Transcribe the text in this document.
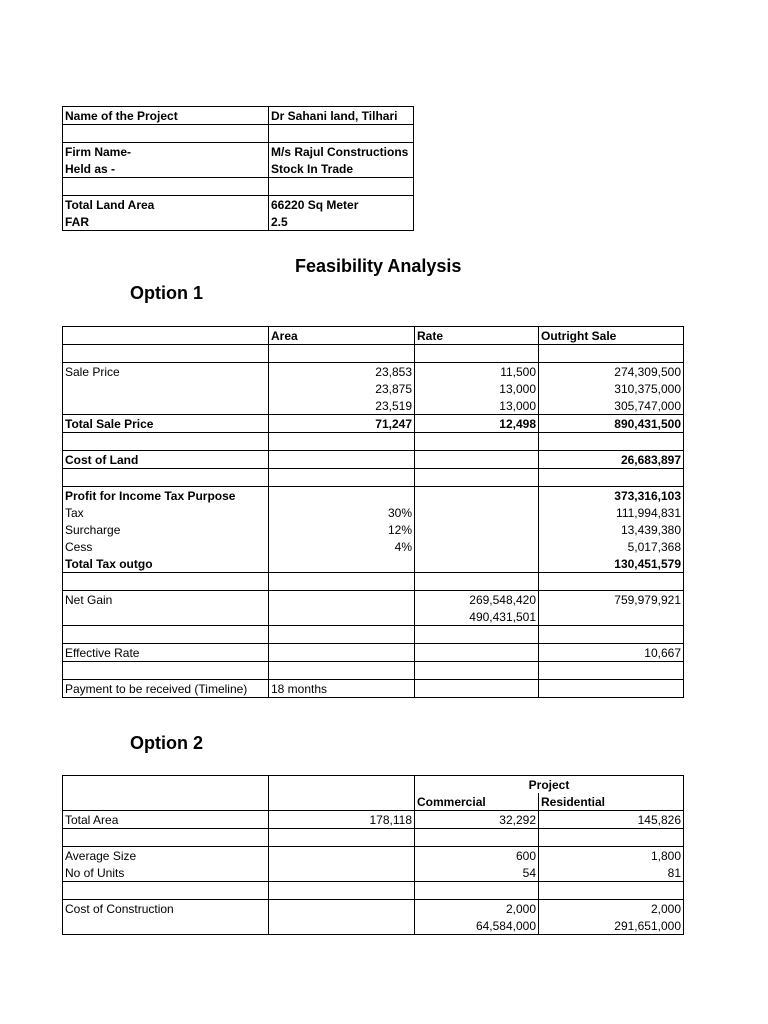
Name of the Project	Dr Sahani land, Tilhari

Firm Name-	M/s Rajul Constructions
Held as -	Stock In Trade

Total Land Area	66220 Sq Meter
FAR	2.5
Feasibility Analysis
Option 1
	Area	Rate	Outright Sale

Sale Price	23,853	11,500	274,309,500
	23,875	13,000	310,375,000
	23,519	13,000	305,747,000
Total Sale Price	71,247	12,498	890,431,500

Cost of Land			26,683,897

Profit for Income Tax Purpose			373,316,103
Tax	30%		111,994,831
Surcharge	12%		13,439,380
Cess	4%		5,017,368
Total Tax outgo			130,451,579

Net Gain		269,548,420	759,979,921
		490,431,501	

Effective Rate			10,667

Payment to be received (Timeline)	18 months		
Option 2
		Project	
		Commercial	Residential
Total Area	178,118	32,292	145,826

Average Size		600	1,800
No of Units		54	81

Cost of Construction		2,000	2,000
		64,584,000	291,651,000
